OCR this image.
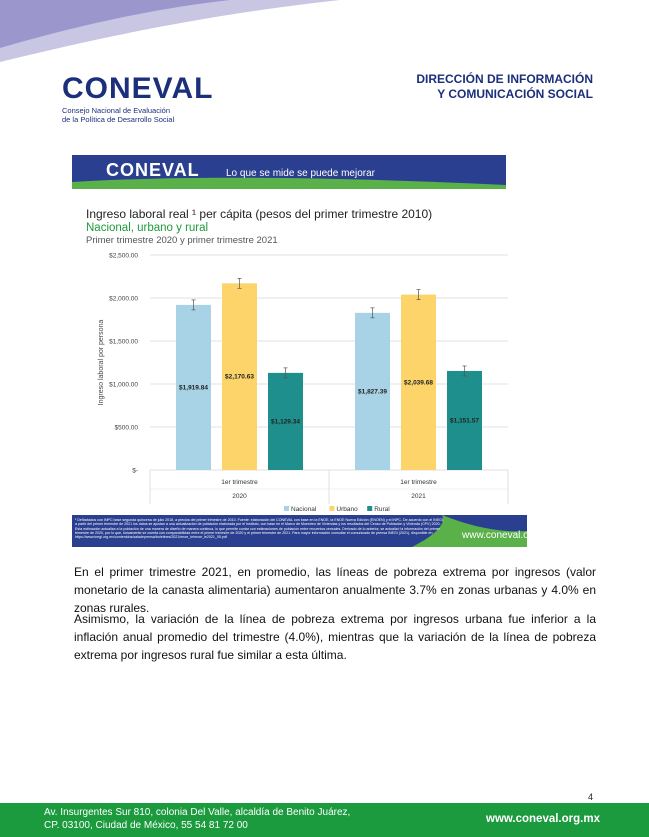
CONEVAL
Consejo Nacional de Evaluación
de la Política de Desarrollo Social
DIRECCIÓN DE INFORMACIÓN
Y COMUNICACIÓN SOCIAL
CONEVAL	Lo que se mide se puede mejorar
Ingreso laboral real ¹ per cápita (pesos del primer trimestre 2010)
Nacional, urbano y rural
Primer trimestre 2020 y primer trimestre 2021
$-
$500.00
$1,000.00
$1,500.00
$2,000.00
$2,500.00
Ingreso laboral por persona	$1,919.84
$2,170.63
$1,129.34
1er trimestre
2020
$1,827.39
$2,039.68
$1,151.57
1er trimestre
2021
Nacional	Urbano	Rural
¹ Deflactados con INPC base segunda quincena de julio 2018, a precios del primer trimestre de 2010. Fuente: elaboración del CONEVAL con base en la ENOE, la ENOE Nueva Edición (ENOEN) y el INPC. De acuerdo con el INEGI, a partir del primer trimestre de 2021 los datos se ajustan a una actualización de población elaborada por el Instituto, con base en el Marco de Muestreo de Viviendas y los resultados del Censo de Población y Vivienda (CPV) 2020. Esta estimación actualiza a la población de una manera de diseño de manera continua, lo que permite contar con estimaciones de población entre recuentos censales. Derivado de lo anterior, se actualizó la información del primer trimestre de 2020, por lo que, únicamente se cuenta con comparabilidad entre el primer trimestre de 2020 y el primer trimestre de 2021. Para mayor información consultar el comunicado de prensa INEGI (2021), disponible en: https://www.inegi.org.mx/contenidos/saladeprensa/boletines/2021/enoe_ie/enoe_ie2021_05.pdf	www.coneval.org.mx

En el primer trimestre 2021, en promedio, las líneas de pobreza extrema por ingresos (valor monetario de la canasta alimentaria) aumentaron anualmente 3.7% en zonas urbanas y 4.0% en zonas rurales.

Asimismo, la variación de la línea de pobreza extrema por ingresos urbana fue inferior a la inflación anual promedio del trimestre (4.0%), mientras que la variación de la línea de pobreza extrema por ingresos rural fue similar a esta última.

4
Av. Insurgentes Sur 810, colonia Del Valle, alcaldía de Benito Juárez,
CP. 03100, Ciudad de México, 55 54 81 72 00
www.coneval.org.mx
